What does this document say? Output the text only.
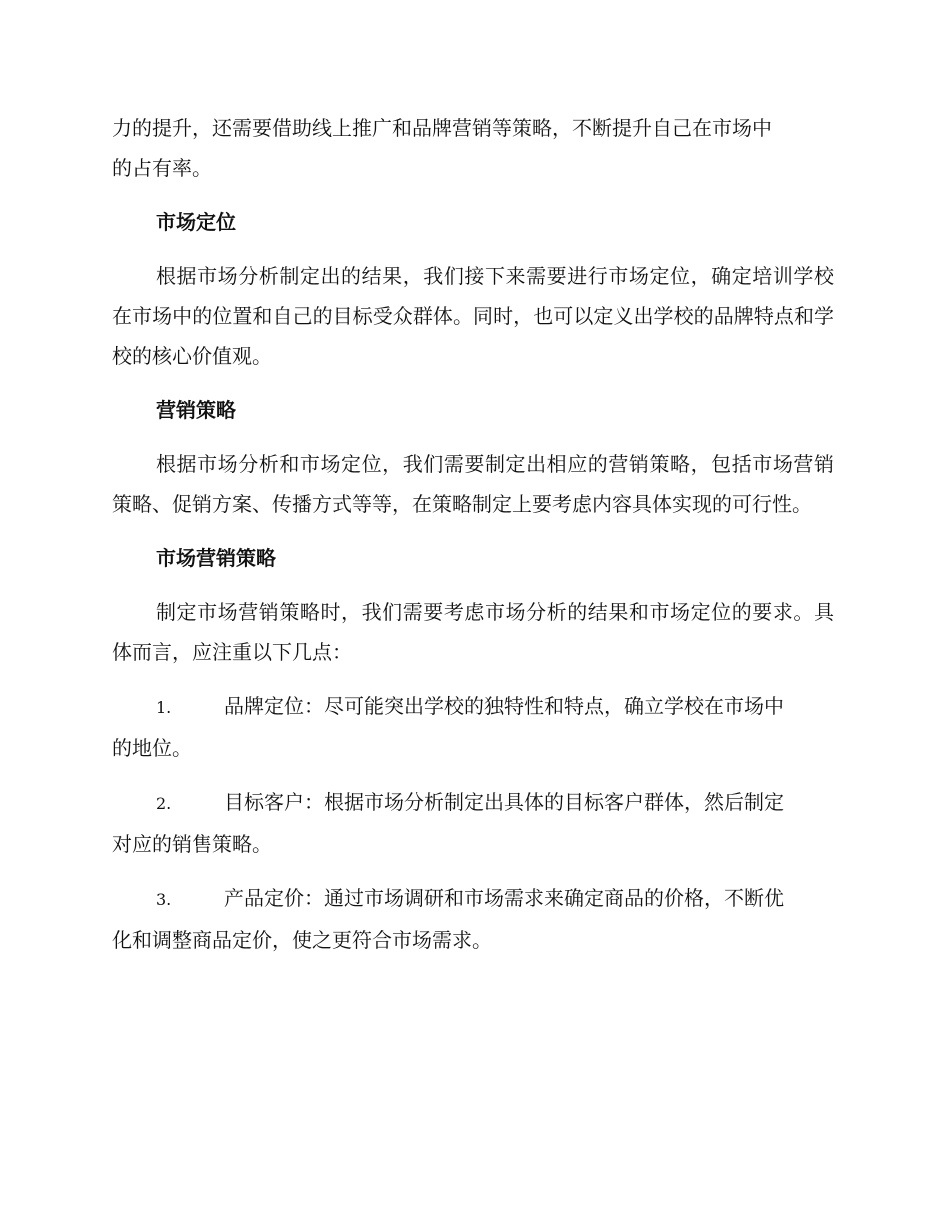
力的提升，还需要借助线上推广和品牌营销等策略，不断提升自己在市场中

的占有率。

市场定位

根据市场分析制定出的结果，我们接下来需要进行市场定位，确定培训学校在市场中的位置和自己的目标受众群体。同时，也可以定义出学校的品牌特点和学校的核心价值观。

营销策略

根据市场分析和市场定位，我们需要制定出相应的营销策略，包括市场营销策略、促销方案、传播方式等等，在策略制定上要考虑内容具体实现的可行性。

市场营销策略

制定市场营销策略时，我们需要考虑市场分析的结果和市场定位的要求。具体而言，应注重以下几点：

1.	品牌定位：尽可能突出学校的独特性和特点，确立学校在市场中

的地位。

2.	目标客户：根据市场分析制定出具体的目标客户群体，然后制定

对应的销售策略。

3.	产品定价：通过市场调研和市场需求来确定商品的价格，不断优

化和调整商品定价，使之更符合市场需求。
